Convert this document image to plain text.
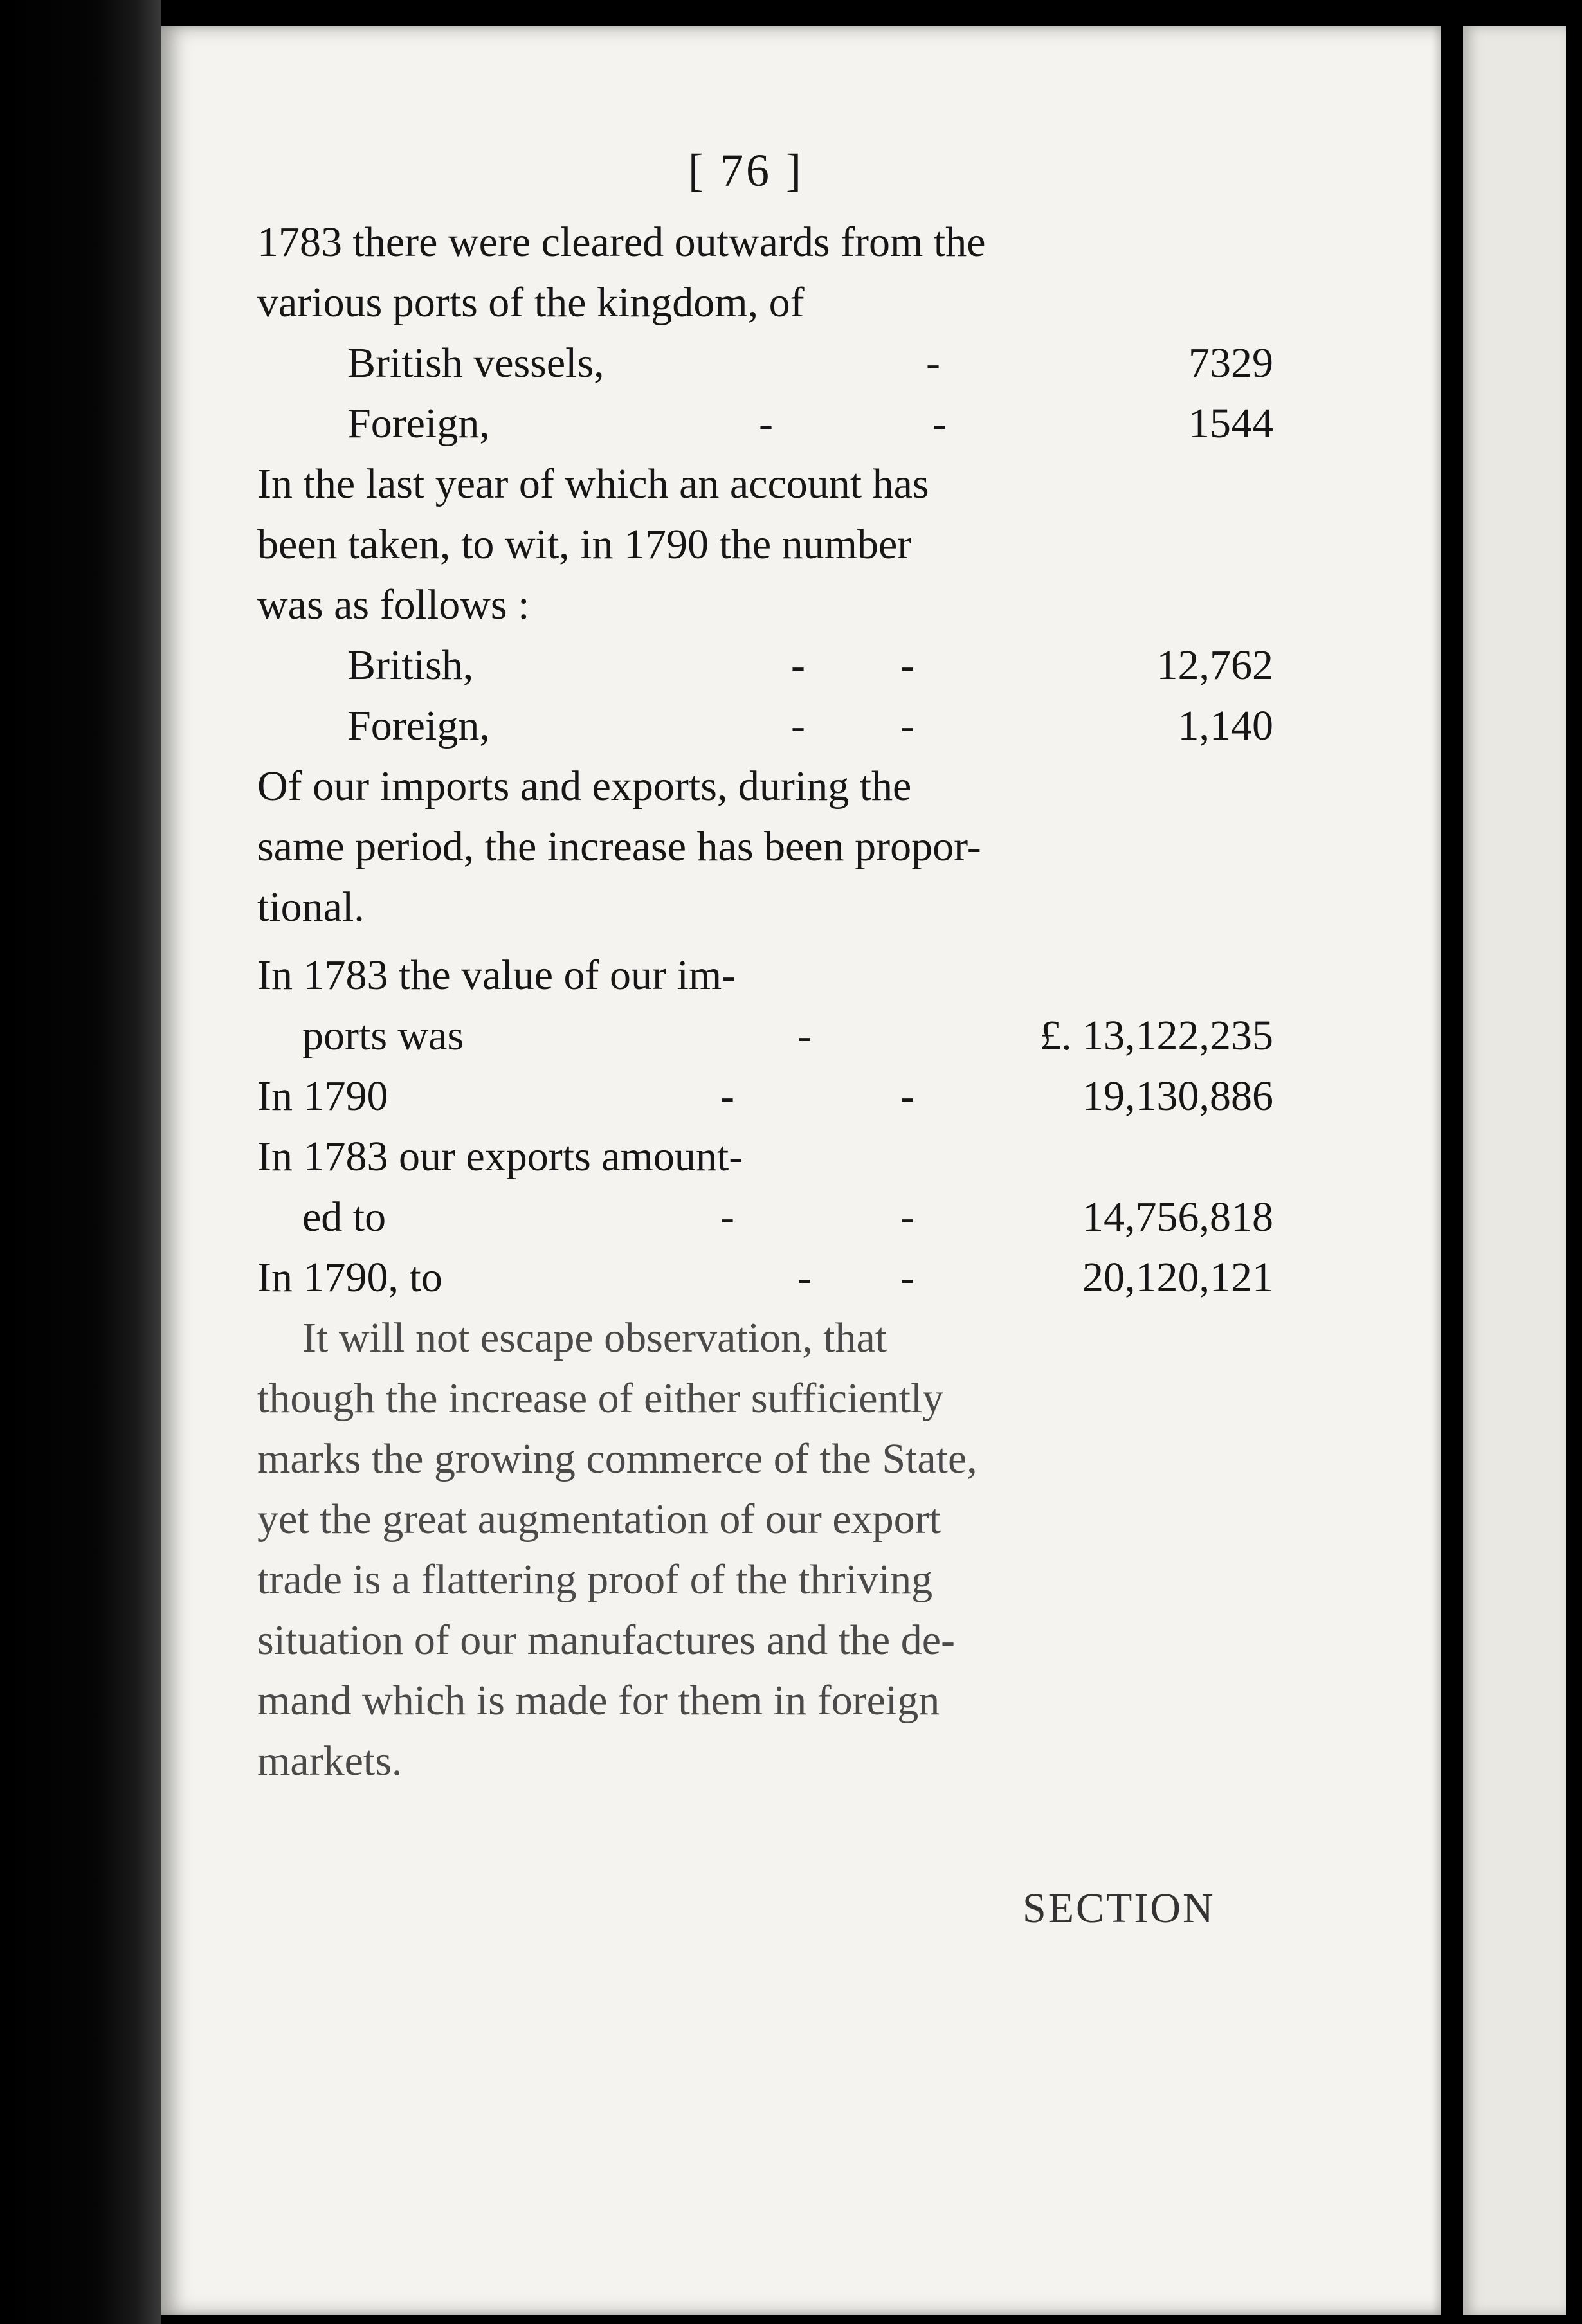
[ 76 ]
1783 there were cleared outwards from the
various ports of the kingdom, of
British vessels,	-	7329
Foreign,	-	-	1544
In the last year of which an account has
been taken, to wit, in 1790 the number
was as follows :
British,	- -	12,762
Foreign,	- -	1,140
Of our imports and exports, during the
same period, the increase has been propor-
tional.
In 1783 the value of our im-
ports was	-	£. 13,122,235
In 1790	-	-	19,130,886
In 1783 our exports amount-
ed to	-	-	14,756,818
In 1790, to	- -	20,120,121
It will not escape observation, that
though the increase of either sufficiently
marks the growing commerce of the State,
yet the great augmentation of our export
trade is a flattering proof of the thriving
situation of our manufactures and the de-
mand which is made for them in foreign
markets.
SECTION
